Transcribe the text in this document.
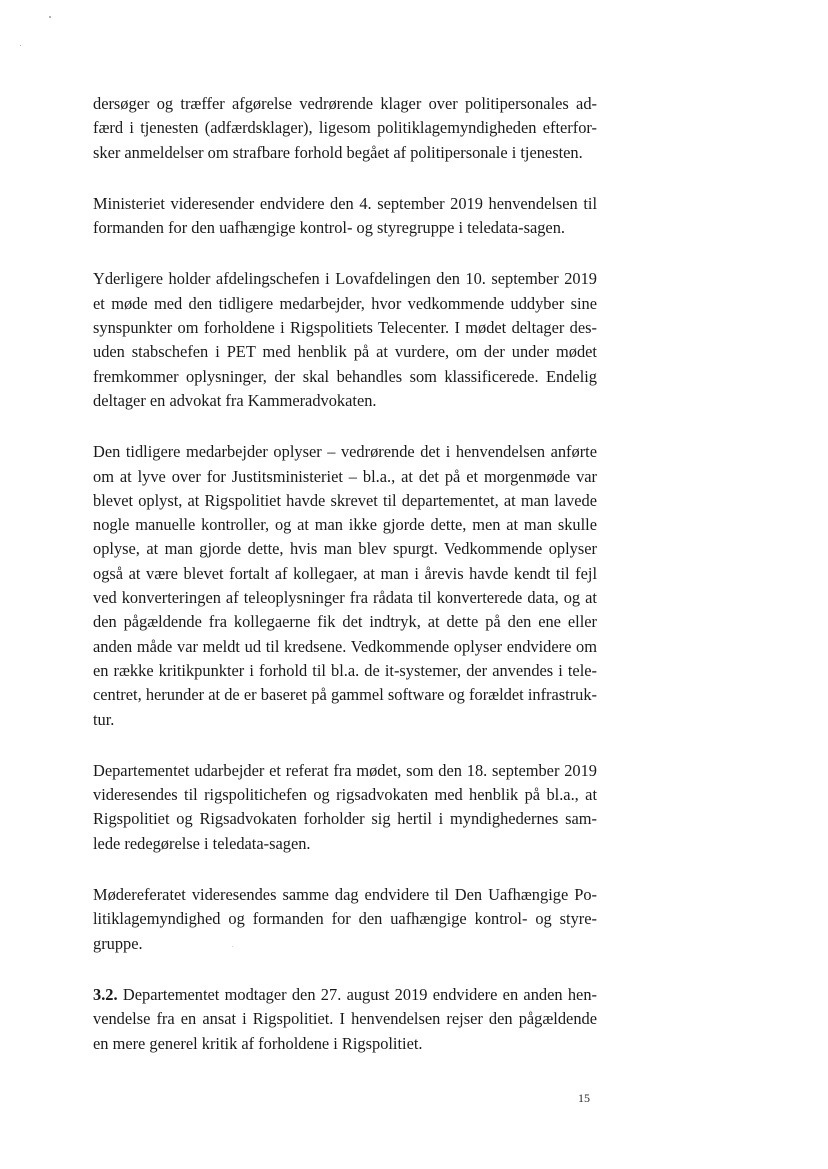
dersøger og træffer afgørelse vedrørende klager over politipersonales ad-
færd i tjenesten (adfærdsklager), ligesom politiklagemyndigheden efterfor-
sker anmeldelser om strafbare forhold begået af politipersonale i tjenesten.

Ministeriet videresender endvidere den 4. september 2019 henvendelsen til
formanden for den uafhængige kontrol- og styregruppe i teledata-sagen.

Yderligere holder afdelingschefen i Lovafdelingen den 10. september 2019
et møde med den tidligere medarbejder, hvor vedkommende uddyber sine
synspunkter om forholdene i Rigspolitiets Telecenter. I mødet deltager des-
uden stabschefen i PET med henblik på at vurdere, om der under mødet
fremkommer oplysninger, der skal behandles som klassificerede. Endelig
deltager en advokat fra Kammeradvokaten.

Den tidligere medarbejder oplyser – vedrørende det i henvendelsen anførte
om at lyve over for Justitsministeriet – bl.a., at det på et morgenmøde var
blevet oplyst, at Rigspolitiet havde skrevet til departementet, at man lavede
nogle manuelle kontroller, og at man ikke gjorde dette, men at man skulle
oplyse, at man gjorde dette, hvis man blev spurgt. Vedkommende oplyser
også at være blevet fortalt af kollegaer, at man i årevis havde kendt til fejl
ved konverteringen af teleoplysninger fra rådata til konverterede data, og at
den pågældende fra kollegaerne fik det indtryk, at dette på den ene eller
anden måde var meldt ud til kredsene. Vedkommende oplyser endvidere om
en række kritikpunkter i forhold til bl.a. de it-systemer, der anvendes i tele-
centret, herunder at de er baseret på gammel software og forældet infrastruk-
tur.

Departementet udarbejder et referat fra mødet, som den 18. september 2019
videresendes til rigspolitichefen og rigsadvokaten med henblik på bl.a., at
Rigspolitiet og Rigsadvokaten forholder sig hertil i myndighedernes sam-
lede redegørelse i teledata-sagen.

Mødereferatet videresendes samme dag endvidere til Den Uafhængige Po-
litiklagemyndighed og formanden for den uafhængige kontrol- og styre-
gruppe.

3.2. Departementet modtager den 27. august 2019 endvidere en anden hen-
vendelse fra en ansat i Rigspolitiet. I henvendelsen rejser den pågældende
en mere generel kritik af forholdene i Rigspolitiet.

15
